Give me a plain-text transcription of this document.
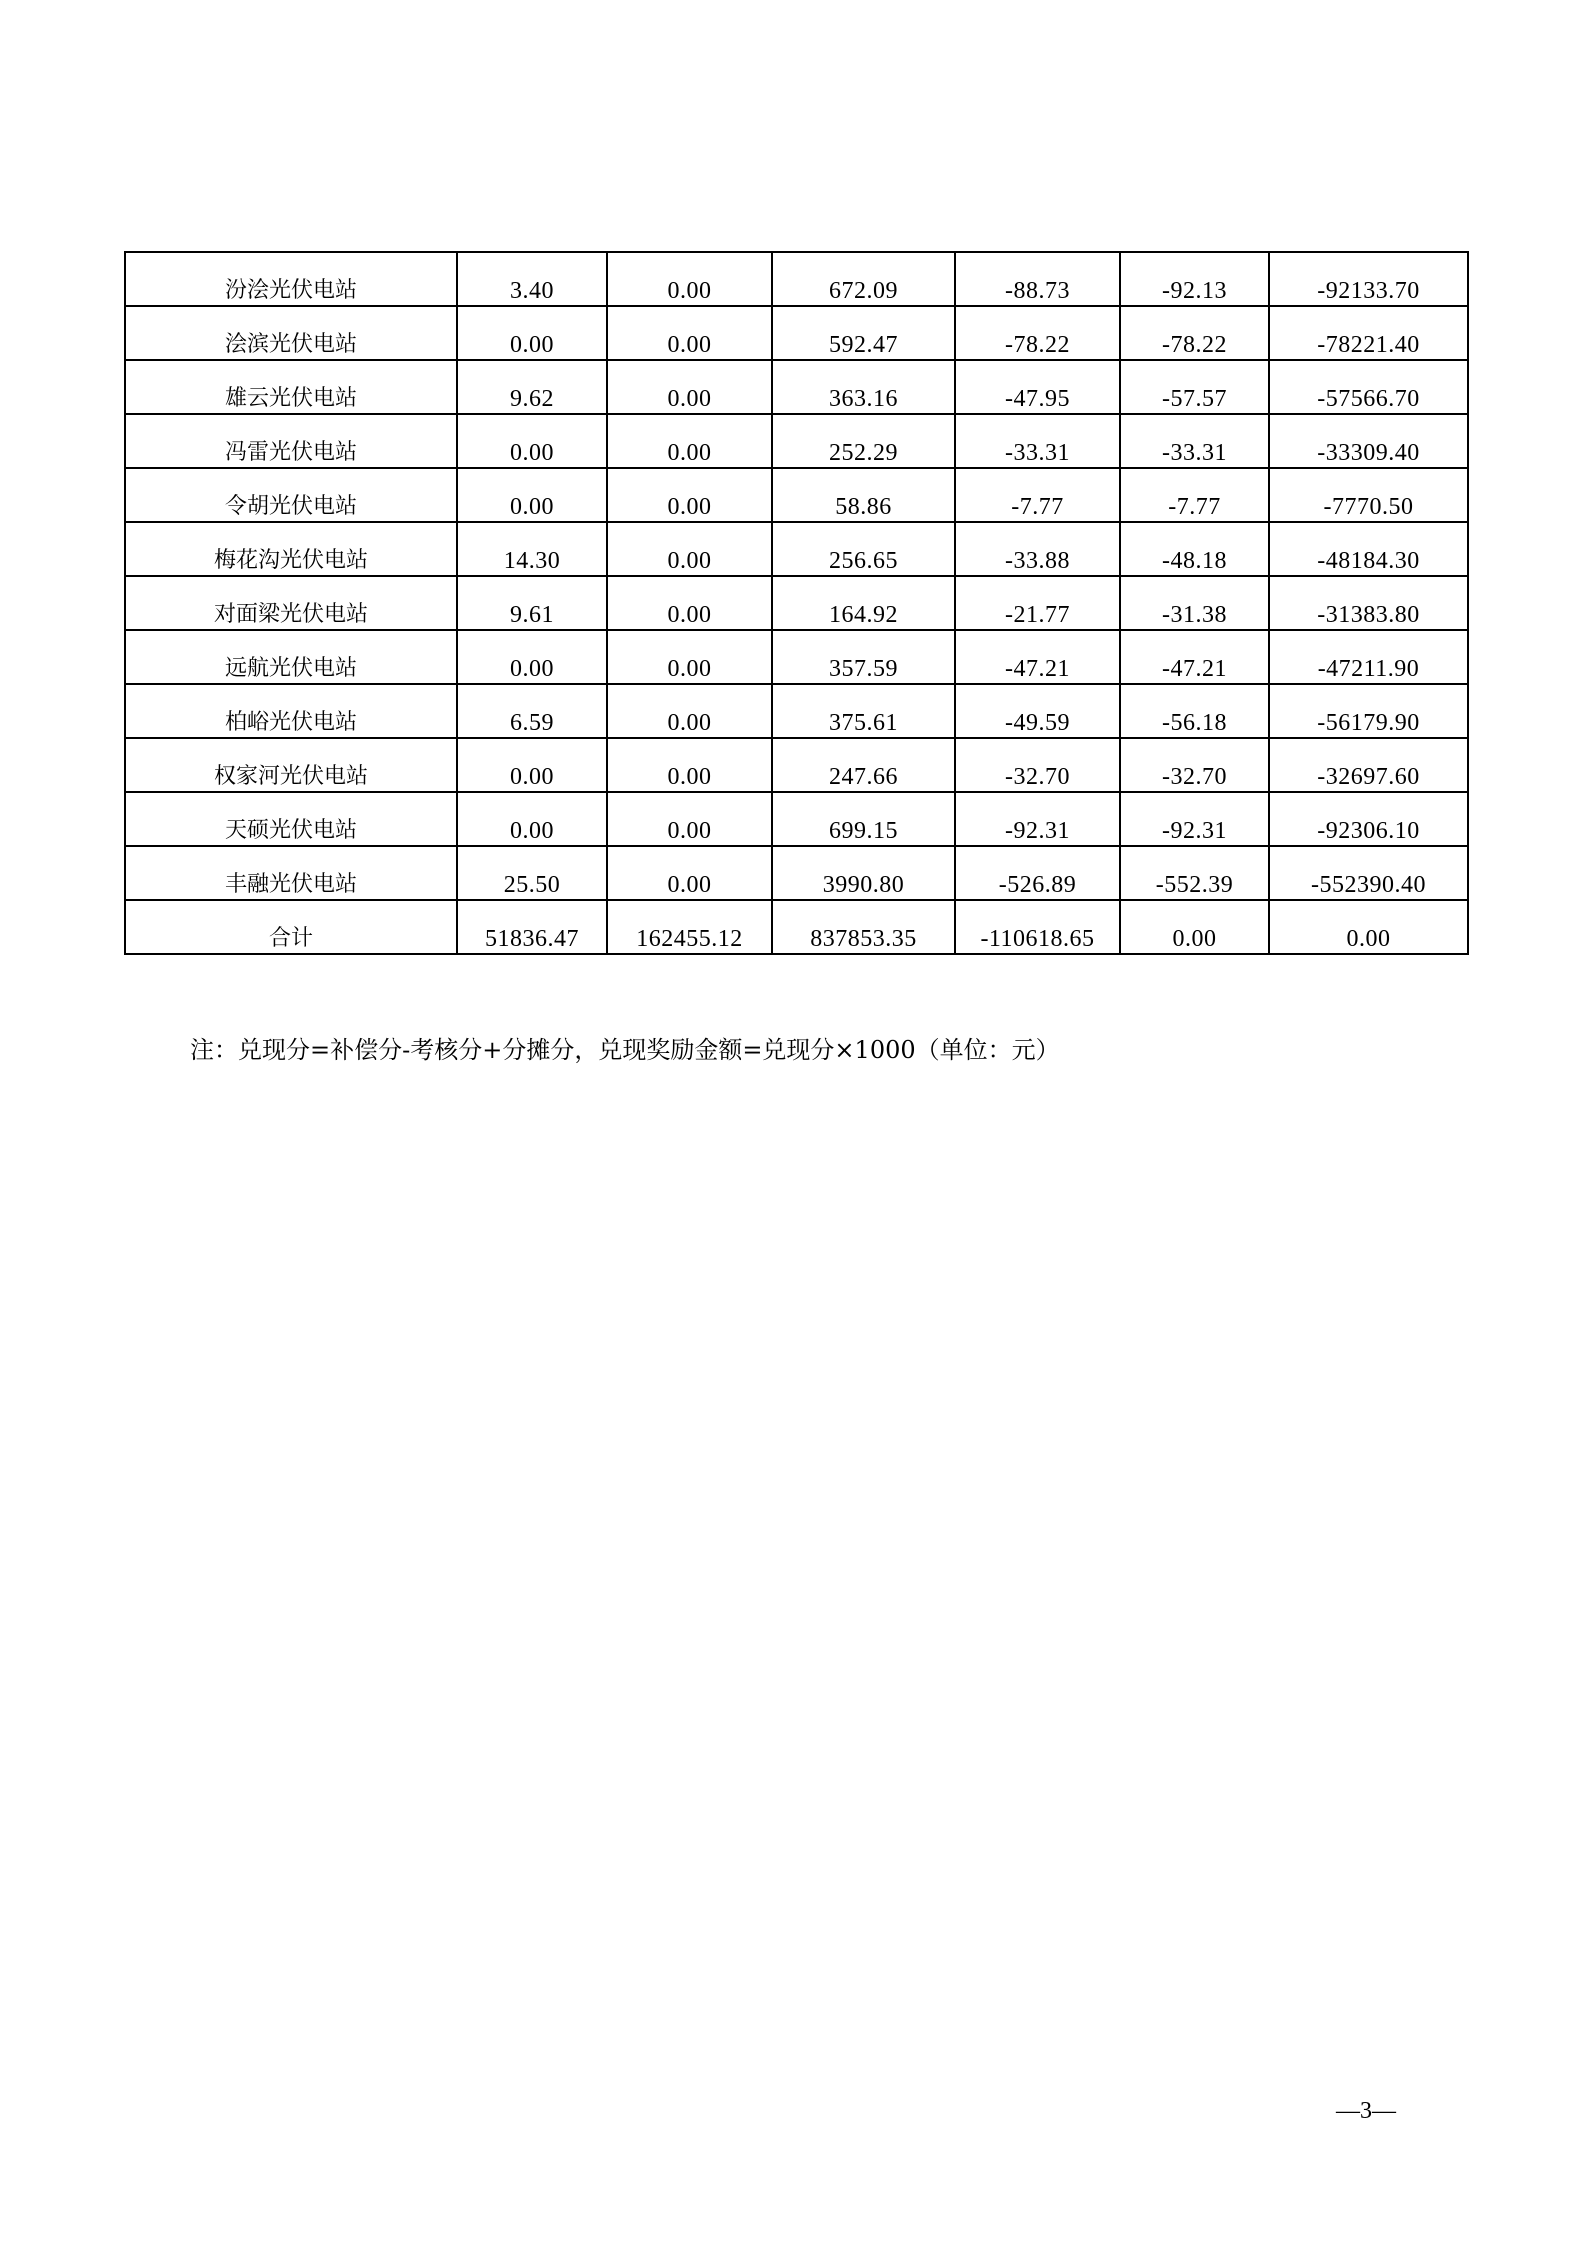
汾浍光伏电站	3.40	0.00	672.09	-88.73	-92.13	-92133.70
浍滨光伏电站	0.00	0.00	592.47	-78.22	-78.22	-78221.40
雄云光伏电站	9.62	0.00	363.16	-47.95	-57.57	-57566.70
冯雷光伏电站	0.00	0.00	252.29	-33.31	-33.31	-33309.40
令胡光伏电站	0.00	0.00	58.86	-7.77	-7.77	-7770.50
梅花沟光伏电站	14.30	0.00	256.65	-33.88	-48.18	-48184.30
对面梁光伏电站	9.61	0.00	164.92	-21.77	-31.38	-31383.80
远航光伏电站	0.00	0.00	357.59	-47.21	-47.21	-47211.90
柏峪光伏电站	6.59	0.00	375.61	-49.59	-56.18	-56179.90
权家河光伏电站	0.00	0.00	247.66	-32.70	-32.70	-32697.60
天硕光伏电站	0.00	0.00	699.15	-92.31	-92.31	-92306.10
丰融光伏电站	25.50	0.00	3990.80	-526.89	-552.39	-552390.40
合计	51836.47	162455.12	837853.35	-110618.65	0.00	0.00
注：兑现分=补偿分-考核分+分摊分，兑现奖励金额=兑现分×1000（单位：元）
—3—
